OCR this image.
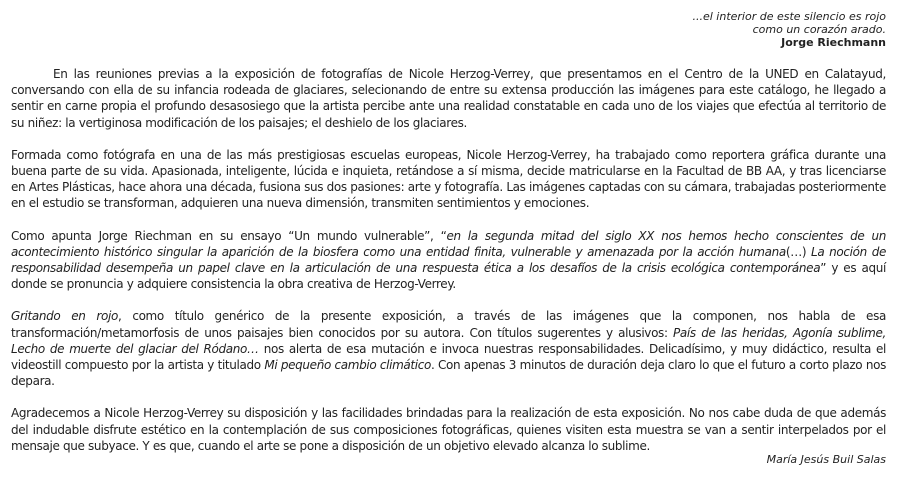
...el interior de este silencio es rojo
como un corazón arado.
Jorge Riechmann

En las reuniones previas a la exposición de fotografías de Nicole Herzog-Verrey, que presentamos en el Centro de la UNED en Calatayud, conversando con ella de su infancia rodeada de glaciares, selecionando de entre su extensa producción las imágenes para este catálogo, he llegado a sentir en carne propia el profundo desasosiego que la artista percibe ante una realidad constatable en cada uno de los viajes que efectúa al territorio de su niñez: la vertiginosa modificación de los paisajes; el deshielo de los glaciares.

Formada como fotógrafa en una de las más prestigiosas escuelas europeas, Nicole Herzog-Verrey, ha trabajado como reportera gráfica durante una buena parte de su vida. Apasionada, inteligente, lúcida e inquieta, retándose a sí misma, decide matricularse en la Facultad de BB AA, y tras licenciarse en Artes Plásticas, hace ahora una década, fusiona sus dos pasiones: arte y fotografía. Las imágenes captadas con su cámara, trabajadas posteriormente en el estudio se transforman, adquieren una nueva dimensión, transmiten sentimientos y emociones.

Como apunta Jorge Riechman en su ensayo “Un mundo vulnerable”, “en la segunda mitad del siglo XX nos hemos hecho conscientes de un acontecimiento histórico singular la aparición de la biosfera como una entidad finita, vulnerable y amenazada por la acción humana(…) La noción de responsabilidad desempeña un papel clave en la articulación de una respuesta ética a los desafíos de la crisis ecológica contemporánea” y es aquí donde se pronuncia y adquiere consistencia la obra creativa de Herzog-Verrey.

Gritando en rojo, como título genérico de la presente exposición, a través de las imágenes que la componen, nos habla de esa transformación/metamorfosis de unos paisajes bien conocidos por su autora. Con títulos sugerentes y alusivos: País de las heridas, Agonía sublime, Lecho de muerte del glaciar del Ródano… nos alerta de esa mutación e invoca nuestras responsabilidades. Delicadísimo, y muy didáctico, resulta el videostill compuesto por la artista y titulado Mi pequeño cambio climático. Con apenas 3 minutos de duración deja claro lo que el futuro a corto plazo nos depara.

Agradecemos a Nicole Herzog-Verrey su disposición y las facilidades brindadas para la realización de esta exposición. No nos cabe duda de que además del indudable disfrute estético en la contemplación de sus composiciones fotográficas, quienes visiten esta muestra se van a sentir interpelados por el mensaje que subyace. Y es que, cuando el arte se pone a disposición de un objetivo elevado alcanza lo sublime.

María Jesús Buil Salas
